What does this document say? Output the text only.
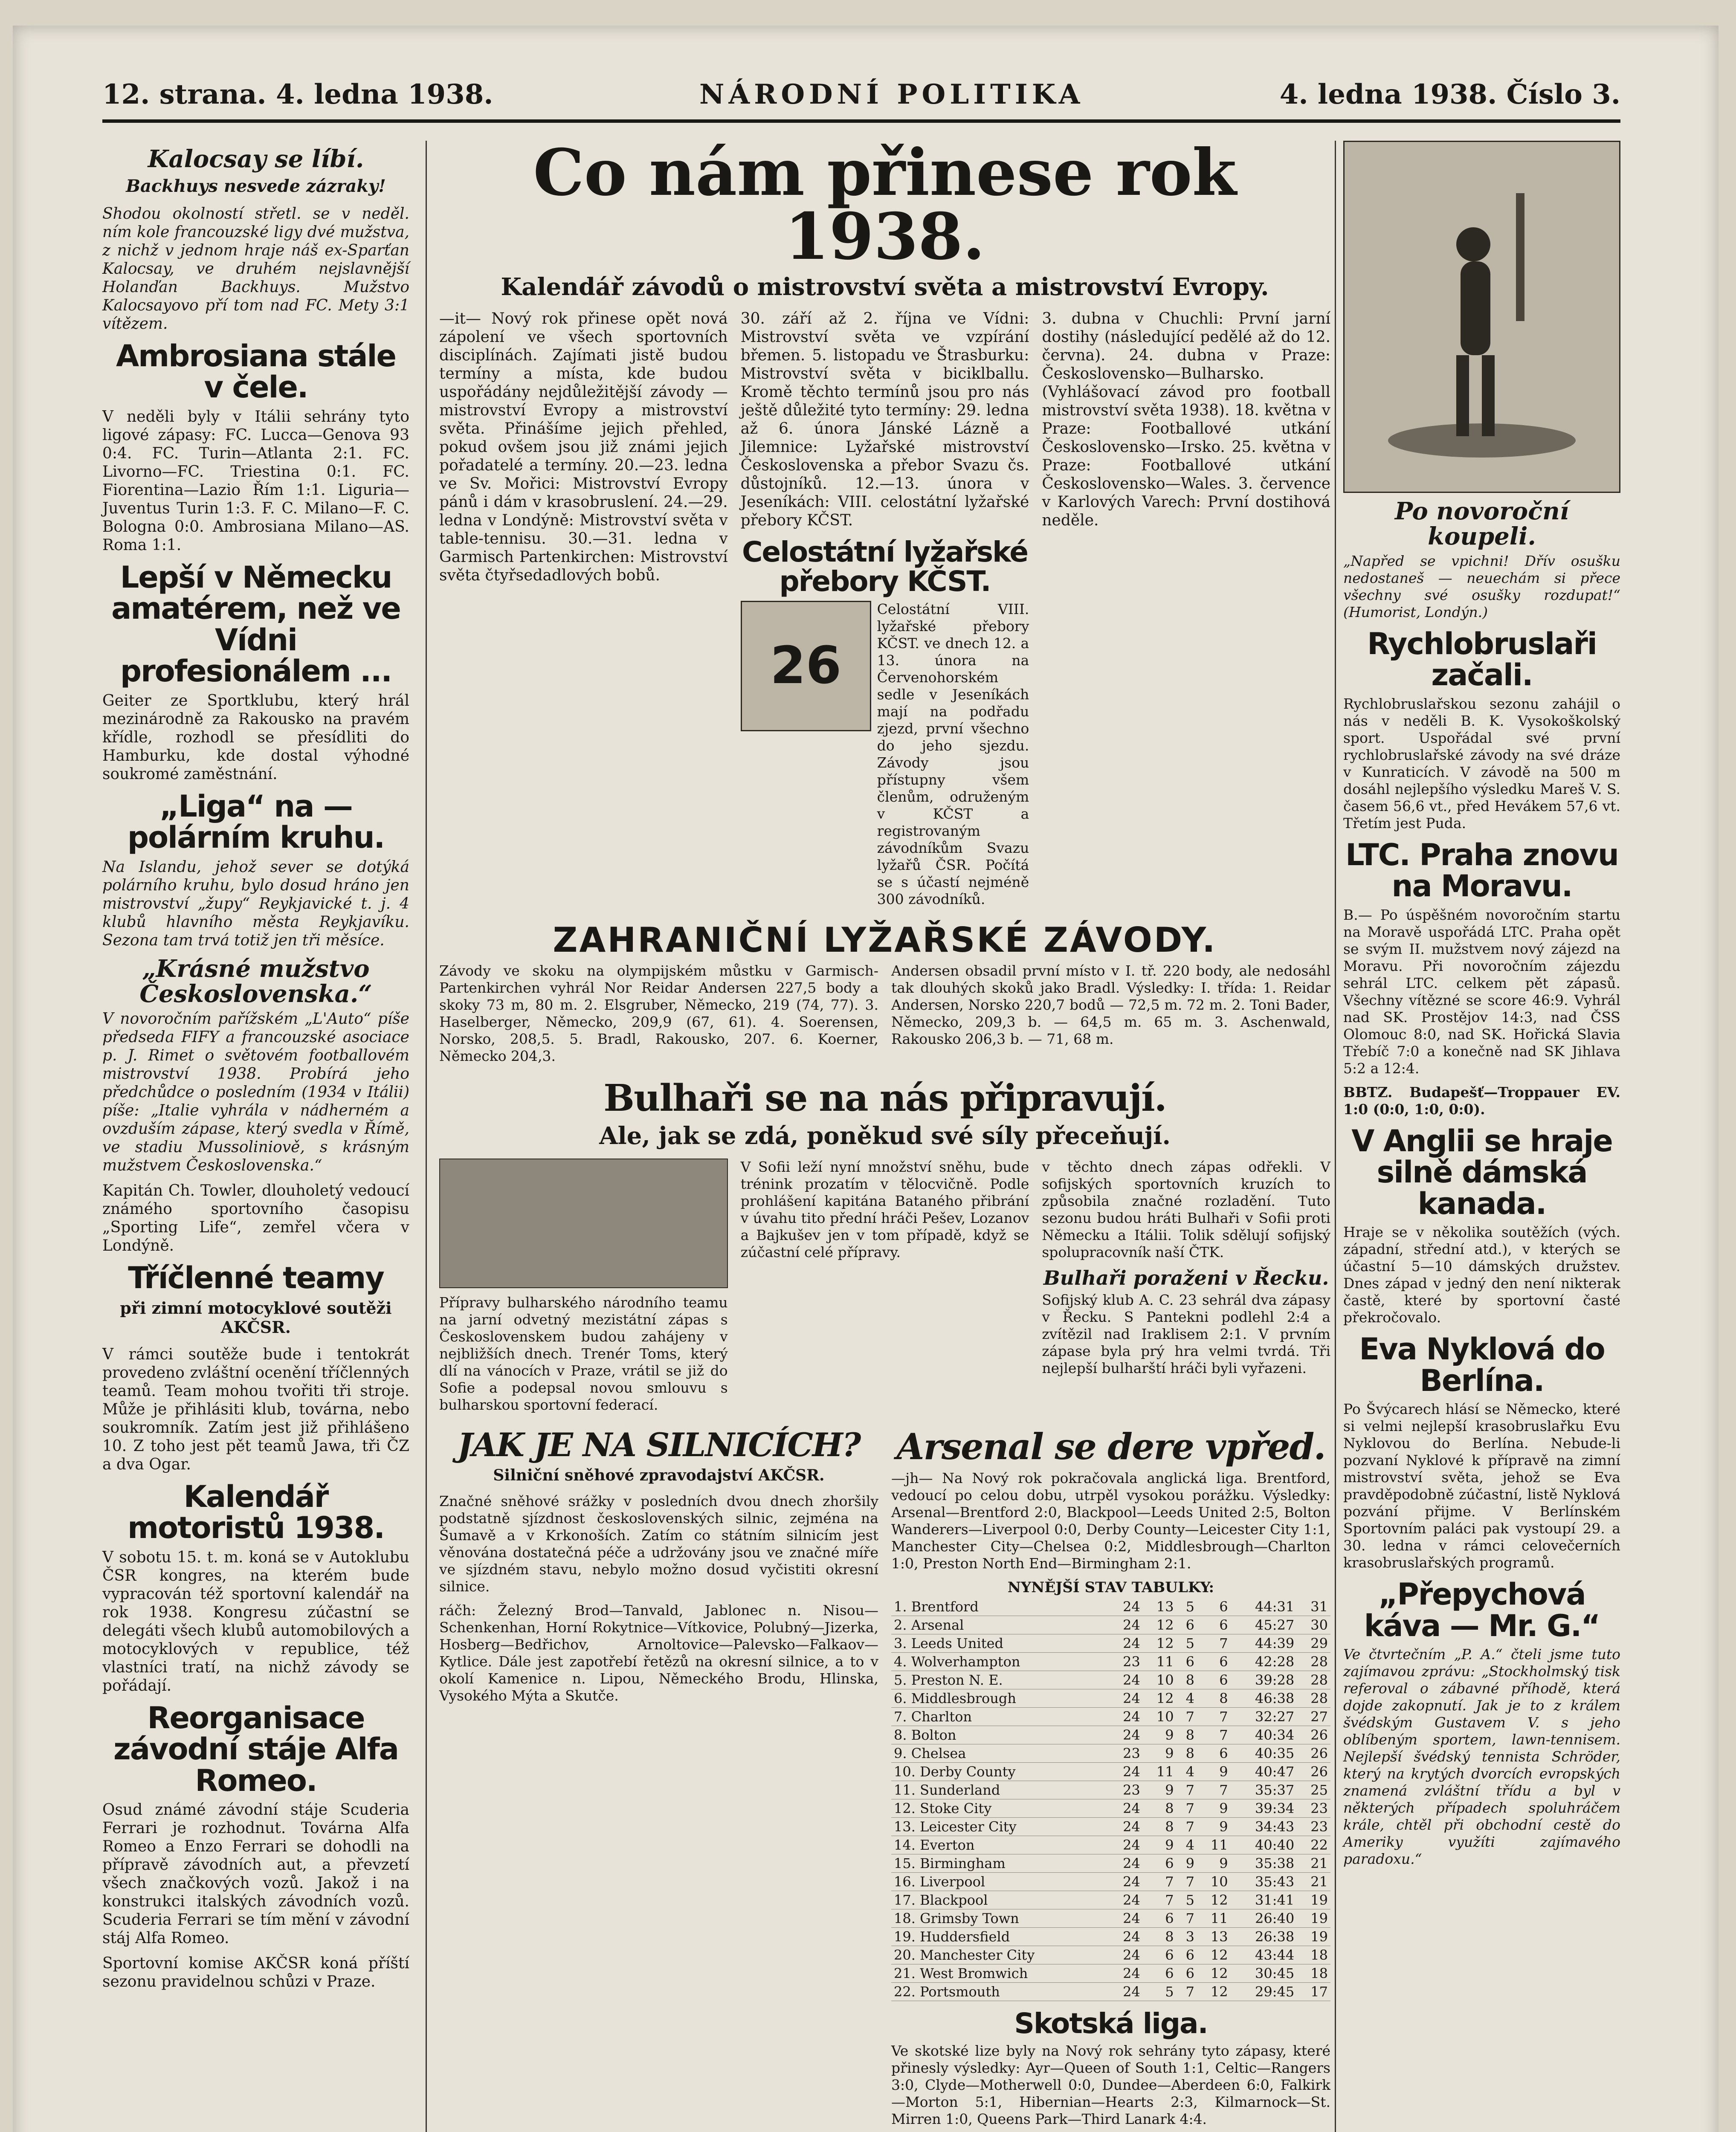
12. strana. 4. ledna 1938.	NÁRODNÍ POLITIKA	4. ledna 1938. Číslo 3.
Kalocsay se líbí.
Backhuys nesvede zázraky!

Shodou okolností střetl. se v neděl. ním kole francouzské ligy dvé mužstva, z nichž v jednom hraje náš ex-Sparťan Kalocsay, ve druhém nejslavnější Holanďan Backhuys. Mužstvo Kalocsayovo pří tom nad FC. Mety 3:1 vítězem.

Ambrosiana stále v čele.

V neděli byly v Itálii sehrány tyto ligové zápasy: FC. Lucca—Genova 93 0:4. FC. Turin—Atlanta 2:1. FC. Livorno—FC. Triestina 0:1. FC. Fiorentina—Lazio Řím 1:1. Liguria—Juventus Turin 1:3. F. C. Milano—F. C. Bologna 0:0. Ambrosiana Milano—AS. Roma 1:1.

Lepší v Německu amatérem, než ve Vídni profesionálem ...

Geiter ze Sportklubu, který hrál mezinárodně za Rakousko na pravém křídle, rozhodl se přesídliti do Hamburku, kde dostal výhodné soukromé zaměstnání.

„Liga“ na — polárním kruhu.

Na Islandu, jehož sever se dotýká polárního kruhu, bylo dosud hráno jen mistrovství „župy“ Reykjavické t. j. 4 klubů hlavního města Reykjavíku. Sezona tam trvá totiž jen tři měsíce.

„Krásné mužstvo Československa.“

V novoročním pařížském „L'Auto“ píše předseda FIFY a francouzské asociace p. J. Rimet o světovém footballovém mistrovství 1938. Probírá jeho předchůdce o posledním (1934 v Itálii) píše: „Italie vyhrála v nádherném a ovzduším zápase, který svedla v Římě, ve stadiu Mussoliniově, s krásným mužstvem Československa.“

Kapitán Ch. Towler, dlouholetý vedoucí známého sportovního časopisu „Sporting Life“, zemřel včera v Londýně.

Tříčlenné teamy
při zimní motocyklové soutěži AKČSR.

V rámci soutěže bude i tentokrát provedeno zvláštní ocenění tříčlenných teamů. Team mohou tvořiti tři stroje. Může je přihlásiti klub, továrna, nebo soukromník. Zatím jest již přihlášeno 10. Z toho jest pět teamů Jawa, tři ČZ a dva Ogar.

Kalendář motoristů 1938.

V sobotu 15. t. m. koná se v Autoklubu ČSR kongres, na kterém bude vypracován též sportovní kalendář na rok 1938. Kongresu zúčastní se delegáti všech klubů automobilových a motocyklových v republice, též vlastníci tratí, na nichž závody se pořádají.

Reorganisace závodní stáje Alfa Romeo.

Osud známé závodní stáje Scuderia Ferrari je rozhodnut. Továrna Alfa Romeo a Enzo Ferrari se dohodli na přípravě závodních aut, a převzetí všech značkových vozů. Jakož i na konstrukci italských závodních vozů. Scuderia Ferrari se tím mění v závodní stáj Alfa Romeo.

Sportovní komise AKČSR koná příští sezonu pravidelnou schůzi v Praze.

Co nám přinese rok 1938.
Kalendář závodů o mistrovství světa a mistrovství Evropy.

—it— Nový rok přinese opět nová zápolení ve všech sportovních disciplínách. Zajímati jistě budou termíny a místa, kde budou uspořádány nejdůležitější závody — mistrovství Evropy a mistrovství světa. Přinášíme jejich přehled, pokud ovšem jsou již známi jejich pořadatelé a termíny. 20.—23. ledna ve Sv. Mořici: Mistrovství Evropy pánů i dám v krasobruslení. 24.—29. ledna v Londýně: Mistrovství světa v table-tennisu. 30.—31. ledna v Garmisch Partenkirchen: Mistrovství světa čtyřsedadlových bobů.

30. září až 2. října ve Vídni: Mistrovství světa ve vzpírání břemen. 5. listopadu ve Štrasburku: Mistrovství světa v biciklballu. Kromě těchto termínů jsou pro nás ještě důležité tyto termíny: 29. ledna až 6. února Jánské Lázně a Jilemnice: Lyžařské mistrovství Československa a přebor Svazu čs. důstojníků. 12.—13. února v Jeseníkách: VIII. celostátní lyžařské přebory KČST.

Celostátní lyžařské přebory KČST.
26

Celostátní VIII. lyžařské přebory KČST. ve dnech 12. a 13. února na Červenohorském sedle v Jeseníkách mají na podřadu zjezd, první všechno do jeho sjezdu. Závody jsou přístupny všem členům, odruženým v KČST a registrovaným závodníkům Svazu lyžařů ČSR. Počítá se s účastí nejméně 300 závodníků.

3. dubna v Chuchli: První jarní dostihy (následující pedělé až do 12. června). 24. dubna v Praze: Československo—Bulharsko. (Vyhlášovací závod pro football mistrovství světa 1938). 18. května v Praze: Footballové utkání Československo—Irsko. 25. května v Praze: Footballové utkání Československo—Wales. 3. července v Karlových Varech: První dostihová neděle.

ZAHRANIČNÍ LYŽAŘSKÉ ZÁVODY.

Závody ve skoku na olympijském můstku v Garmisch-Partenkirchen vyhrál Nor Reidar Andersen 227,5 body a skoky 73 m, 80 m. 2. Elsgruber, Německo, 219 (74, 77). 3. Haselberger, Německo, 209,9 (67, 61). 4. Soerensen, Norsko, 208,5. 5. Bradl, Rakousko, 207. 6. Koerner, Německo 204,3.

Andersen obsadil první místo v I. tř. 220 body, ale nedosáhl tak dlouhých skoků jako Bradl. Výsledky: I. třída: 1. Reidar Andersen, Norsko 220,7 bodů — 72,5 m. 72 m. 2. Toni Bader, Německo, 209,3 b. — 64,5 m. 65 m. 3. Aschenwald, Rakousko 206,3 b. — 71, 68 m.

Bulhaři se na nás připravují.
Ale, jak se zdá, poněkud své síly přeceňují.

Přípravy bulharského národního teamu na jarní odvetný mezistátní zápas s Československem budou zahájeny v nejbližších dnech. Trenér Toms, který dlí na vánocích v Praze, vrátil se již do Sofie a podepsal novou smlouvu s bulharskou sportovní federací.

V Sofii leží nyní množství sněhu, bude trénink prozatím v tělocvičně. Podle prohlášení kapitána Bataného přibrání v úvahu tito přední hráči Pešev, Lozanov a Bajkušev jen v tom případě, když se zúčastní celé přípravy.

v těchto dnech zápas odřekli. V sofijských sportovních kruzích to způsobila značné rozladění. Tuto sezonu budou hráti Bulhaři v Sofii proti Německu a Itálii. Tolik sdělují sofijský spolupracovník naší ČTK.

Bulhaři poraženi v Řecku.

Sofijský klub A. C. 23 sehrál dva zápasy v Řecku. S Pantekni podlehl 2:4 a zvítězil nad Iraklisem 2:1. V prvním zápase byla prý hra velmi tvrdá. Tři nejlepší bulharští hráči byli vyřazeni.

JAK JE NA SILNICÍCH?
Silniční sněhové zpravodajství AKČSR.

Značné sněhové srážky v posledních dvou dnech zhoršily podstatně sjízdnost československých silnic, zejména na Šumavě a v Krkonoších. Zatím co státním silnicím jest věnována dostatečná péče a udržovány jsou ve značné míře ve sjízdném stavu, nebylo možno dosud vyčistiti okresní silnice.

ráčh: Železný Brod—Tanvald, Jablonec n. Nisou—Schenkenhan, Horní Rokytnice—Vítkovice, Polubný—Jizerka, Hosberg—Bedřichov, Arnoltovice—Palevsko—Falkaov—Kytlice. Dále jest zapotřebí řetězů na okresní silnice, a to v okolí Kamenice n. Lipou, Německého Brodu, Hlinska, Vysokého Mýta a Skutče.

Arsenal se dere vpřed.

—jh— Na Nový rok pokračovala anglická liga. Brentford, vedoucí po celou dobu, utrpěl vysokou porážku. Výsledky: Arsenal—Brentford 2:0, Blackpool—Leeds United 2:5, Bolton Wanderers—Liverpool 0:0, Derby County—Leicester City 1:1, Manchester City—Chelsea 0:2, Middlesbrough—Charlton 1:0, Preston North End—Birmingham 2:1.

NYNĚJŠÍ STAV TABULKY:
1. Brentford	24	13	5	6	44:31	31
2. Arsenal	24	12	6	6	45:27	30
3. Leeds United	24	12	5	7	44:39	29
4. Wolverhampton	23	11	6	6	42:28	28
5. Preston N. E.	24	10	8	6	39:28	28
6. Middlesbrough	24	12	4	8	46:38	28
7. Charlton	24	10	7	7	32:27	27
8. Bolton	24	9	8	7	40:34	26
9. Chelsea	23	9	8	6	40:35	26
10. Derby County	24	11	4	9	40:47	26
11. Sunderland	23	9	7	7	35:37	25
12. Stoke City	24	8	7	9	39:34	23
13. Leicester City	24	8	7	9	34:43	23
14. Everton	24	9	4	11	40:40	22
15. Birmingham	24	6	9	9	35:38	21
16. Liverpool	24	7	7	10	35:43	21
17. Blackpool	24	7	5	12	31:41	19
18. Grimsby Town	24	6	7	11	26:40	19
19. Huddersfield	24	8	3	13	26:38	19
20. Manchester City	24	6	6	12	43:44	18
21. West Bromwich	24	6	6	12	30:45	18
22. Portsmouth	24	5	7	12	29:45	17
Skotská liga.

Ve skotské lize byly na Nový rok sehrány tyto zápasy, které přinesly výsledky: Ayr—Queen of South 1:1, Celtic—Rangers 3:0, Clyde—Motherwell 0:0, Dundee—Aberdeen 6:0, Falkirk—Morton 5:1, Hibernian—Hearts 2:3, Kilmarnock—St. Mirren 1:0, Queens Park—Third Lanark 4:4.

Po novoroční koupeli.

„Napřed se vpichni! Dřív osušku nedostaneš — neuechám si přece všechny své osušky rozdupat!“ (Humorist, Londýn.)

Rychlobruslaři začali.

Rychlobruslařskou sezonu zahájil o nás v neděli B. K. Vysokoškolský sport. Uspořádal své první rychlobruslařské závody na své dráze v Kunraticích. V závodě na 500 m dosáhl nejlepšího výsledku Mareš V. S. časem 56,6 vt., před Hevákem 57,6 vt. Třetím jest Puda.

LTC. Praha znovu na Moravu.

B.— Po úspěšném novoročním startu na Moravě uspořádá LTC. Praha opět se svým II. mužstvem nový zájezd na Moravu. Při novoročním zájezdu sehrál LTC. celkem pět zápasů. Všechny vítězné se score 46:9. Vyhrál nad SK. Prostějov 14:3, nad ČSS Olomouc 8:0, nad SK. Hořická Slavia Třebíč 7:0 a konečně nad SK Jihlava 5:2 a 12:4.

BBTZ. Budapešť—Troppauer EV. 1:0 (0:0, 1:0, 0:0).

V Anglii se hraje silně dámská kanada.

Hraje se v několika soutěžích (vých. západní, střední atd.), v kterých se účastní 5—10 dámských družstev. Dnes západ v jedný den není nikterak častě, které by sportovní časté překročovalo.

Eva Nyklová do Berlína.

Po Švýcarech hlásí se Německo, které si velmi nejlepší krasobruslařku Evu Nyklovou do Berlína. Nebude-li pozvaní Nyklové k přípravě na zimní mistrovství světa, jehož se Eva pravděpodobně zúčastní, listě Nyklová pozvání přijme. V Berlínském Sportovním paláci pak vystoupí 29. a 30. ledna v rámci celovečerních krasobruslařských programů.

„Přepychová káva — Mr. G.“

Ve čtvrtečním „P. A.“ čteli jsme tuto zajímavou zprávu: „Stockholmský tisk referoval o zábavné příhodě, která dojde zakopnutí. Jak je to z králem švédským Gustavem V. s jeho oblíbeným sportem, lawn-tennisem. Nejlepší švédský tennista Schröder, který na krytých dvorcích evropských znamená zvláštní třídu a byl v některých případech spoluhráčem krále, chtěl při obchodní cestě do Ameriky využíti zajímavého paradoxu.“
